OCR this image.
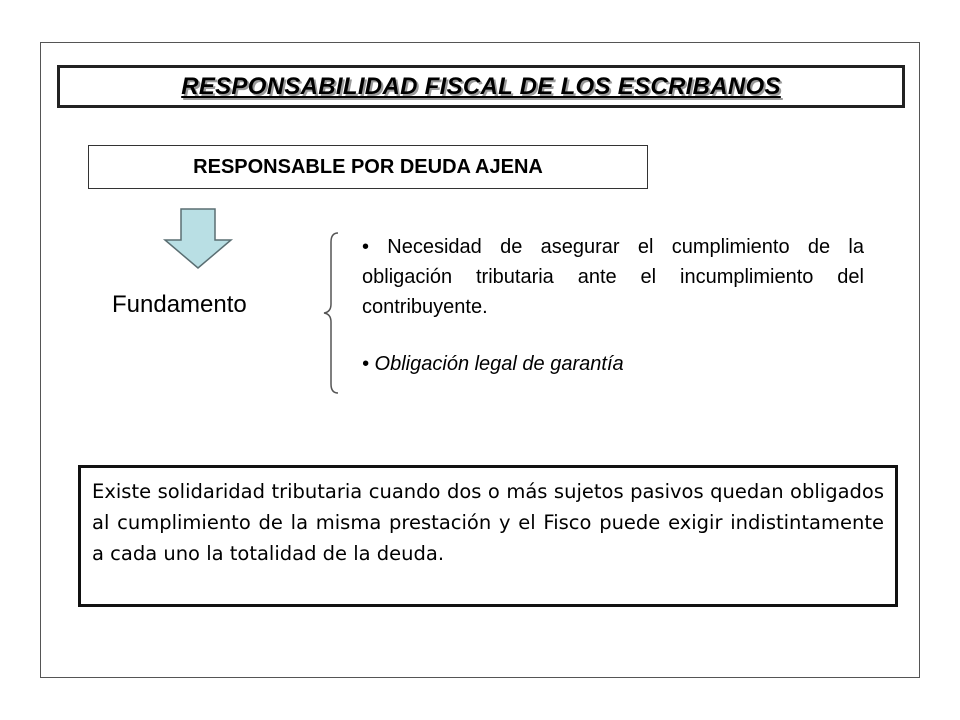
RESPONSABILIDAD FISCAL DE LOS ESCRIBANOS
RESPONSABLE POR DEUDA AJENA
Fundamento
• Necesidad de asegurar el cumplimiento de la obligación tributaria ante el incumplimiento del contribuyente.
• Obligación legal de garantía
Existe solidaridad tributaria cuando dos o más sujetos pasivos quedan obligados al cumplimiento de la misma prestación y el Fisco puede exigir indistintamente a cada uno la totalidad de la deuda.
